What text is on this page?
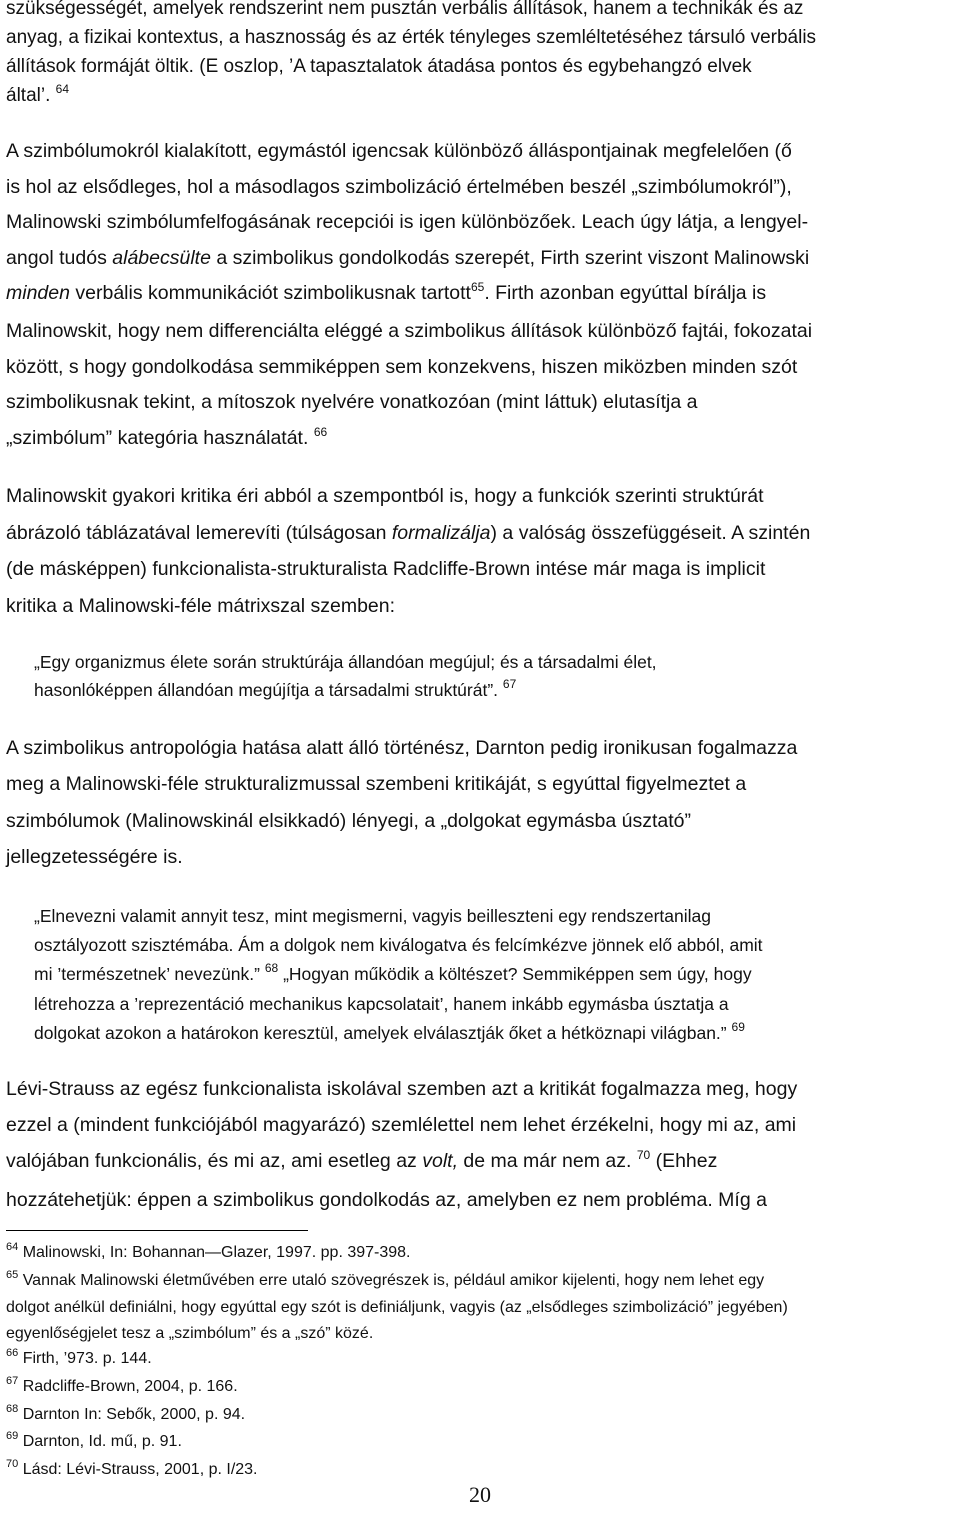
szükségességét, amelyek rendszerint nem pusztán verbális állítások, hanem a technikák és az
anyag, a fizikai kontextus, a hasznosság és az érték tényleges szemléltetéséhez társuló verbális
állítások formáját öltik. (E oszlop, ’A tapasztalatok átadása pontos és egybehangzó elvek
által’. $^{64}$
A szimbólumokról kialakított, egymástól igencsak különböző álláspontjainak megfelelően (ő
is hol az elsődleges, hol a másodlagos szimbolizáció értelmében beszél „szimbólumokról”),
Malinowski szimbólumfelfogásának recepciói is igen különbözőek. Leach úgy látja, a lengyel-
angol tudós alábecsülte a szimbolikus gondolkodás szerepét, Firth szerint viszont Malinowski
minden verbális kommunikációt szimbolikusnak tartott$^{65}$. Firth azonban egyúttal bírálja is
Malinowskit, hogy nem differenciálta eléggé a szimbolikus állítások különböző fajtái, fokozatai
között, s hogy gondolkodása semmiképpen sem konzekvens, hiszen miközben minden szót
szimbolikusnak tekint, a mítoszok nyelvére vonatkozóan (mint láttuk) elutasítja a
„szimbólum” kategória használatát. $^{66}$
Malinowskit gyakori kritika éri abból a szempontból is, hogy a funkciók szerinti struktúrát
ábrázoló táblázatával lemerevíti (túlságosan formalizálja) a valóság összefüggéseit. A szintén
(de másképpen) funkcionalista-strukturalista Radcliffe-Brown intése már maga is implicit
kritika a Malinowski-féle mátrixszal szemben:
„Egy organizmus élete során struktúrája állandóan megújul; és a társadalmi élet,
hasonlóképpen állandóan megújítja a társadalmi struktúrát”. $^{67}$
A szimbolikus antropológia hatása alatt álló történész, Darnton pedig ironikusan fogalmazza
meg a Malinowski-féle strukturalizmussal szembeni kritikáját, s egyúttal figyelmeztet a
szimbólumok (Malinowskinál elsikkadó) lényegi, a „dolgokat egymásba úsztató”
jellegzetességére is.
„Elnevezni valamit annyit tesz, mint megismerni, vagyis beilleszteni egy rendszertanilag
osztályozott szisztémába. Ám a dolgok nem kiválogatva és felcímkézve jönnek elő abból, amit
mi ’természetnek’ nevezünk.” $^{68}$ „Hogyan működik a költészet? Semmiképpen sem úgy, hogy
létrehozza a ’reprezentáció mechanikus kapcsolatait’, hanem inkább egymásba úsztatja a
dolgokat azokon a határokon keresztül, amelyek elválasztják őket a hétköznapi világban.” $^{69}$
Lévi-Strauss az egész funkcionalista iskolával szemben azt a kritikát fogalmazza meg, hogy
ezzel a (mindent funkciójából magyarázó) szemlélettel nem lehet érzékelni, hogy mi az, ami
valójában funkcionális, és mi az, ami esetleg az volt, de ma már nem az. $^{70}$ (Ehhez
hozzátehetjük: éppen a szimbolikus gondolkodás az, amelyben ez nem probléma. Míg a
$^{64}$ Malinowski, In: Bohannan—Glazer, 1997. pp. 397-398.
$^{65}$ Vannak Malinowski életművében erre utaló szövegrészek is, például amikor kijelenti, hogy nem lehet egy
dolgot anélkül definiálni, hogy egyúttal egy szót is definiáljunk, vagyis (az „elsődleges szimbolizáció” jegyében)
egyenlőségjelet tesz a „szimbólum” és a „szó” közé.
$^{66}$ Firth, ’973. p. 144.
$^{67}$ Radcliffe-Brown, 2004, p. 166.
$^{68}$ Darnton In: Sebők, 2000, p. 94.
$^{69}$ Darnton, Id. mű, p. 91.
$^{70}$ Lásd: Lévi-Strauss, 2001, p. I/23.
20
